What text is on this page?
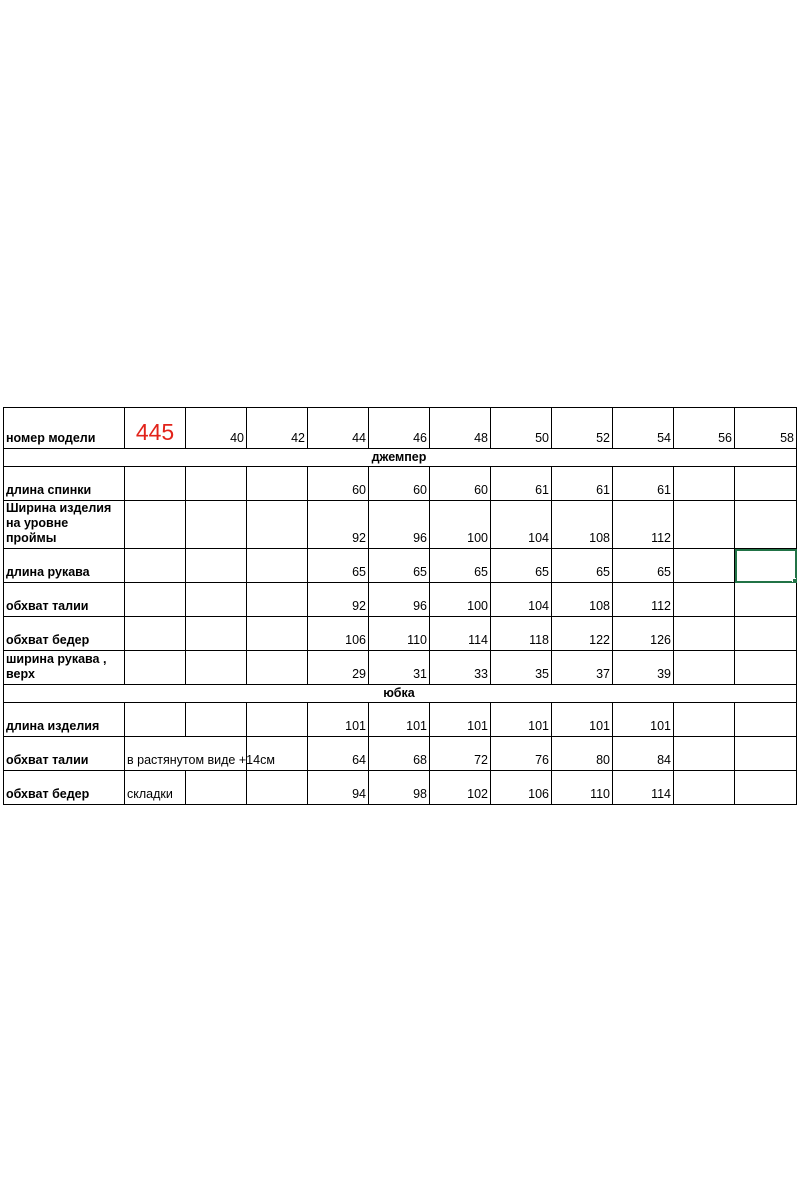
номер модели	445	40	42	44	46	48	50	52	54	56	58
джемпер											
длина спинки				60	60	60	61	61	61		
Ширина изделия на уровне проймы				92	96	100	104	108	112		
длина рукава				65	65	65	65	65	65		

обхват талии				92	96	100	104	108	112		
обхват бедер				106	110	114	118	122	126		
ширина рукава , верх				29	31	33	35	37	39		
юбка											
длина изделия				101	101	101	101	101	101		
обхват талии	в растянутом виде +14см			64	68	72	76	80	84		
обхват бедер	складки			94	98	102	106	110	114		
